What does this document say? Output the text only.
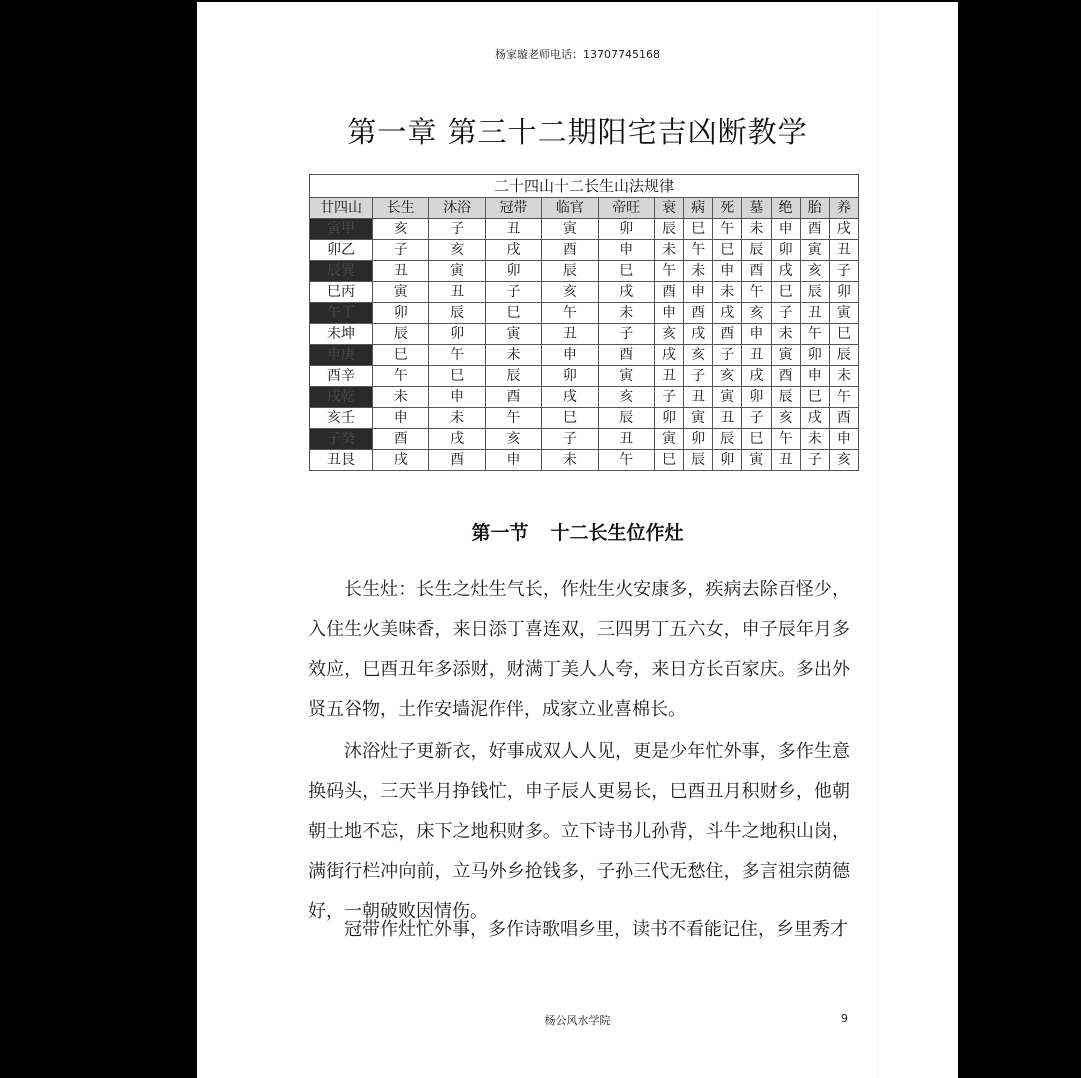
杨家璇老师电话：13707745168
第一章 第三十二期阳宅吉凶断教学
二十四山十二长生山法规律												
廿四山	长生	沐浴	冠带	临官	帝旺	衰	病	死	墓	绝	胎	养
寅甲	亥	子	丑	寅	卯	辰	巳	午	未	申	酉	戌
卯乙	子	亥	戌	酉	申	未	午	巳	辰	卯	寅	丑
辰巽	丑	寅	卯	辰	巳	午	未	申	酉	戌	亥	子
巳丙	寅	丑	子	亥	戌	酉	申	未	午	巳	辰	卯
午丁	卯	辰	巳	午	未	申	酉	戌	亥	子	丑	寅
未坤	辰	卯	寅	丑	子	亥	戌	酉	申	未	午	巳
申庚	巳	午	未	申	酉	戌	亥	子	丑	寅	卯	辰
酉辛	午	巳	辰	卯	寅	丑	子	亥	戌	酉	申	未
戌乾	未	申	酉	戌	亥	子	丑	寅	卯	辰	巳	午
亥壬	申	未	午	巳	辰	卯	寅	丑	子	亥	戌	酉
子癸	酉	戌	亥	子	丑	寅	卯	辰	巳	午	未	申
丑艮	戌	酉	申	未	午	巳	辰	卯	寅	丑	子	亥
第一节 十二长生位作灶

长生灶：长生之灶生气长，作灶生火安康多，疾病去除百怪少，入住生火美味香，来日添丁喜连双，三四男丁五六女，申子辰年月多效应，巳酉丑年多添财，财满丁美人人夸，来日方长百家庆。多出外贤五谷物，土作安墙泥作伴，成家立业喜棉长。

沐浴灶子更新衣，好事成双人人见，更是少年忙外事，多作生意换码头，三天半月挣钱忙，申子辰人更易长，巳酉丑月积财乡，他朝朝土地不忘，床下之地积财多。立下诗书儿孙背，斗牛之地积山岗，满街行栏冲向前，立马外乡抢钱多，子孙三代无愁住，多言祖宗荫德好，一朝破败因情伤。

冠带作灶忙外事，多作诗歌唱乡里，读书不看能记住，乡里秀才

杨公风水学院	9
